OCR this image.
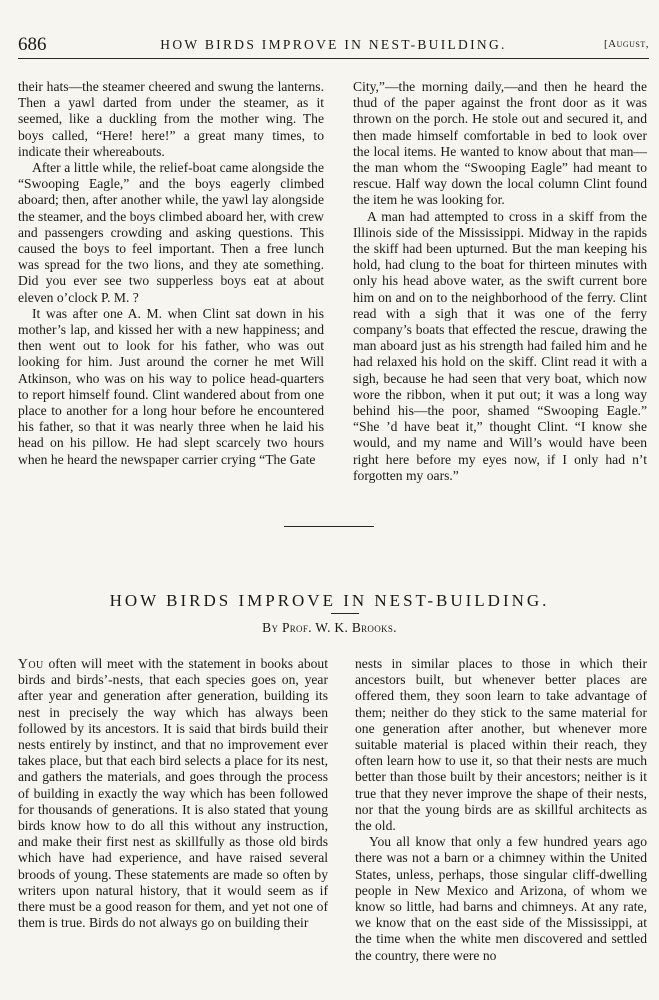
686	HOW BIRDS IMPROVE IN NEST-BUILDING.	[August,

their hats—the steamer cheered and swung the lanterns. Then a yawl darted from under the steamer, as it seemed, like a duckling from the mother wing. The boys called, “Here! here!” a great many times, to indicate their whereabouts.

After a little while, the relief-boat came alongside the “Swooping Eagle,” and the boys eagerly climbed aboard; then, after another while, the yawl lay alongside the steamer, and the boys climbed aboard her, with crew and passengers crowding and asking questions. This caused the boys to feel important. Then a free lunch was spread for the two lions, and they ate something. Did you ever see two supperless boys eat at about eleven o’clock P. M. ?

It was after one A. M. when Clint sat down in his mother’s lap, and kissed her with a new happiness; and then went out to look for his father, who was out looking for him. Just around the corner he met Will Atkinson, who was on his way to police head-quarters to report himself found. Clint wandered about from one place to another for a long hour before he encountered his father, so that it was nearly three when he laid his head on his pillow. He had slept scarcely two hours when he heard the newspaper carrier crying “The Gate

City,”—the morning daily,—and then he heard the thud of the paper against the front door as it was thrown on the porch. He stole out and secured it, and then made himself comfortable in bed to look over the local items. He wanted to know about that man—the man whom the “Swooping Eagle” had meant to rescue. Half way down the local column Clint found the item he was looking for.

A man had attempted to cross in a skiff from the Illinois side of the Mississippi. Midway in the rapids the skiff had been upturned. But the man keeping his hold, had clung to the boat for thirteen minutes with only his head above water, as the swift current bore him on and on to the neighborhood of the ferry. Clint read with a sigh that it was one of the ferry company’s boats that effected the rescue, drawing the man aboard just as his strength had failed him and he had relaxed his hold on the skiff. Clint read it with a sigh, because he had seen that very boat, which now wore the ribbon, when it put out; it was a long way behind his—the poor, shamed “Swooping Eagle.” “She ’d have beat it,” thought Clint. “I know she would, and my name and Will’s would have been right here before my eyes now, if I only had n’t forgotten my oars.”

HOW BIRDS IMPROVE IN NEST-BUILDING.
By Prof. W. K. Brooks.

You often will meet with the statement in books about birds and birds’-nests, that each species goes on, year after year and generation after generation, building its nest in precisely the way which has always been followed by its ancestors. It is said that birds build their nests entirely by instinct, and that no improvement ever takes place, but that each bird selects a place for its nest, and gathers the materials, and goes through the process of building in exactly the way which has been followed for thousands of generations. It is also stated that young birds know how to do all this without any instruction, and make their first nest as skillfully as those old birds which have had experience, and have raised several broods of young. These statements are made so often by writers upon natural history, that it would seem as if there must be a good reason for them, and yet not one of them is true. Birds do not always go on building their

nests in similar places to those in which their ancestors built, but whenever better places are offered them, they soon learn to take advantage of them; neither do they stick to the same material for one generation after another, but whenever more suitable material is placed within their reach, they often learn how to use it, so that their nests are much better than those built by their ancestors; neither is it true that they never improve the shape of their nests, nor that the young birds are as skillful architects as the old.

You all know that only a few hundred years ago there was not a barn or a chimney within the United States, unless, perhaps, those singular cliff-dwelling people in New Mexico and Arizona, of whom we know so little, had barns and chimneys. At any rate, we know that on the east side of the Mississippi, at the time when the white men discovered and settled the country, there were no
